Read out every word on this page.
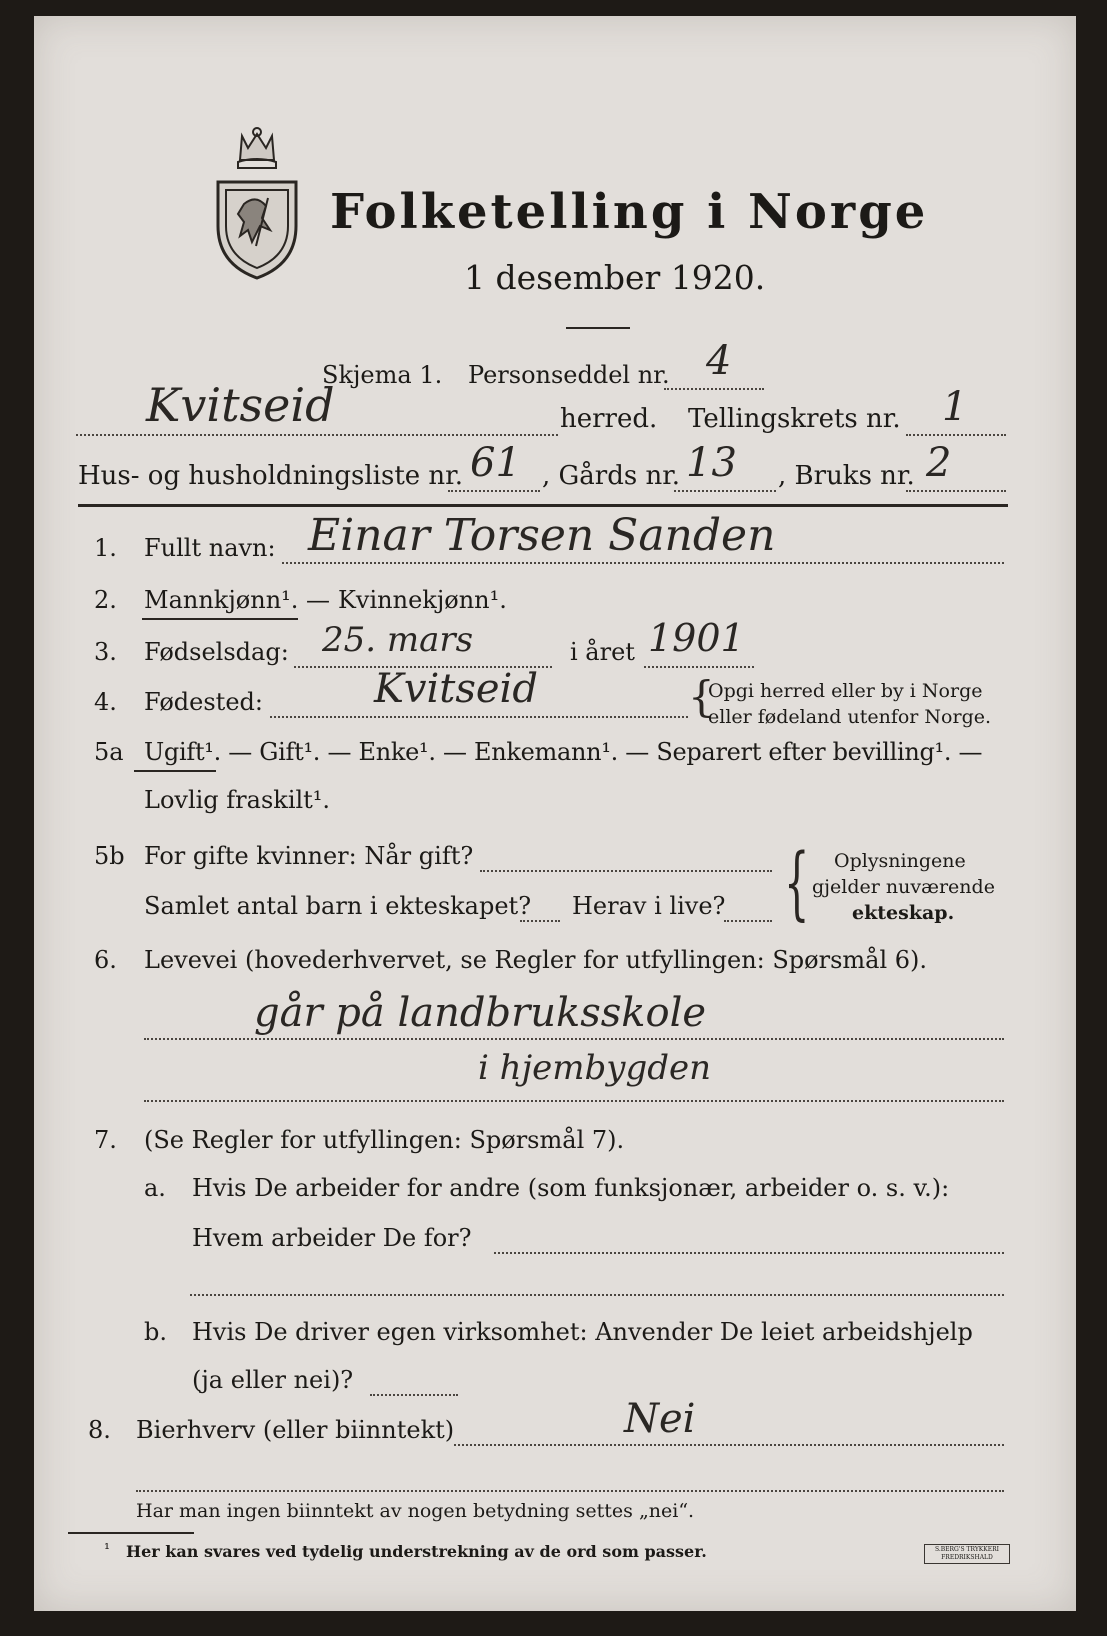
Folketelling i Norge
1 desember 1920.
Skjema 1. Personseddel nr. 4
Kvitseid	herred. Tellingskrets nr. 1
Hus- og husholdningsliste nr. 61 , Gårds nr. 13 , Bruks nr. 2
1. Fullt navn: Einar Torsen Sanden
2. Mannkjønn¹. — Kvinnekjønn¹.
3. Fødselsdag: 25. mars	i året 1901
4. Fødested:	Kvitseid	{
Opgi herred eller by i Norge
eller fødeland utenfor Norge.
5a Ugift¹. — Gift¹. — Enke¹. — Enkemann¹. — Separert efter bevilling¹. —
Lovlig fraskilt¹.
5b For gifte kvinner: Når gift?
Samlet antal barn i ekteskapet? Herav i live? { Oplysningene
gjelder nuværende
ekteskap.
6. Levevei (hovederhvervet, se Regler for utfyllingen: Spørsmål 6).
går på landbruksskole
i hjembygden
7. (Se Regler for utfyllingen: Spørsmål 7).
a. Hvis De arbeider for andre (som funksjonær, arbeider o. s. v.):
Hvem arbeider De for?
b. Hvis De driver egen virksomhet: Anvender De leiet arbeidshjelp
(ja eller nei)?
8. Bierhverv (eller biinntekt)	Nei
Har man ingen biinntekt av nogen betydning settes „nei“.
¹ Her kan svares ved tydelig understrekning av de ord som passer.	S.BERG'S TRYKKERI FREDRIKSHALD
